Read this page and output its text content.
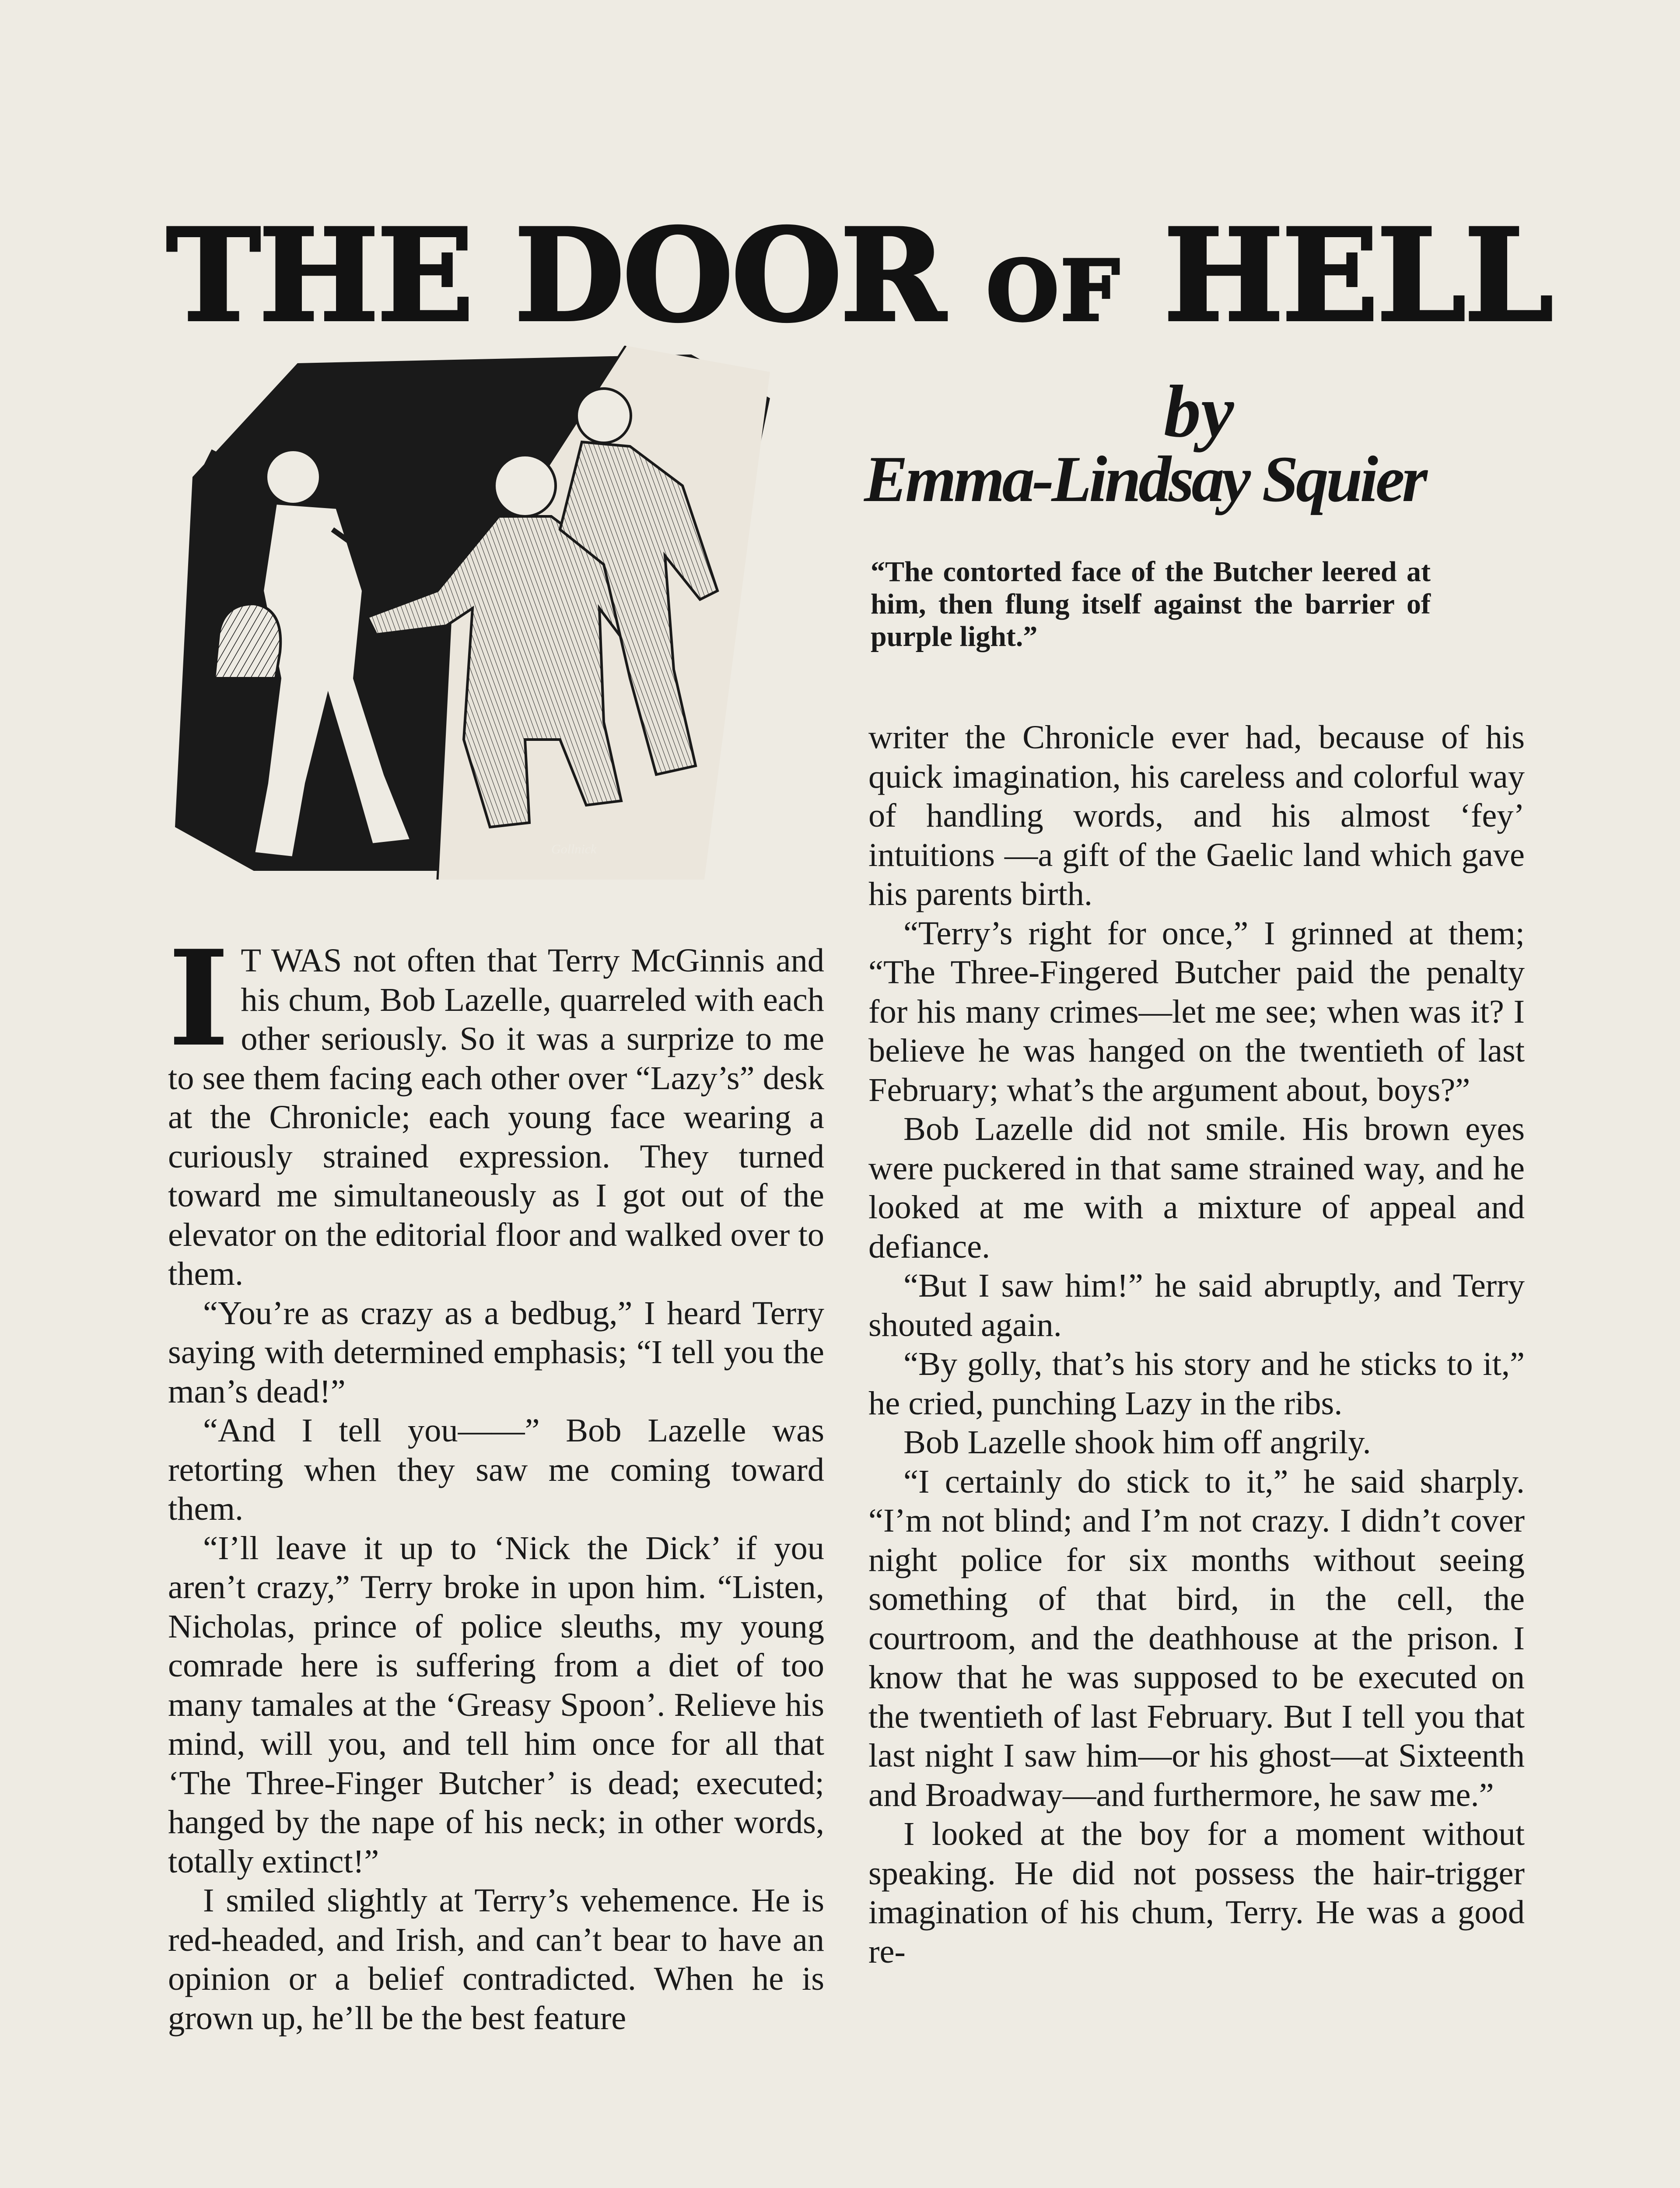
THE DOOR OF HELL
Gollnick
by
Emma-Lindsay Squier
“The contorted face of the Butcher leered at him, then flung itself against the barrier of purple light.”
I T WAS not often that Terry McGinnis and his chum, Bob Lazelle, quarreled with each other seriously. So it was a surprize to me to see them facing each other over “Lazy’s” desk at the Chronicle; each young face wearing a curiously strained expression. They turned toward me simultaneously as I got out of the elevator on the editorial floor and walked over to them.

“You’re as crazy as a bedbug,” I heard Terry saying with determined emphasis; “I tell you the man’s dead!”

“And I tell you——” Bob Lazelle was retorting when they saw me coming toward them.

“I’ll leave it up to ‘Nick the Dick’ if you aren’t crazy,” Terry broke in upon him. “Listen, Nicholas, prince of police sleuths, my young comrade here is suffering from a diet of too many tamales at the ‘Greasy Spoon’. Relieve his mind, will you, and tell him once for all that ‘The Three-Finger Butcher’ is dead; executed; hanged by the nape of his neck; in other words, totally extinct!”

I smiled slightly at Terry’s vehemence. He is red-headed, and Irish, and can’t bear to have an opinion or a belief contradicted. When he is grown up, he’ll be the best feature

writer the Chronicle ever had, because of his quick imagination, his careless and colorful way of handling words, and his almost ‘fey’ intuitions —a gift of the Gaelic land which gave his parents birth.

“Terry’s right for once,” I grinned at them; “The Three-Fingered Butcher paid the penalty for his many crimes—let me see; when was it? I believe he was hanged on the twentieth of last February; what’s the argument about, boys?”

Bob Lazelle did not smile. His brown eyes were puckered in that same strained way, and he looked at me with a mixture of appeal and defiance.

“But I saw him!” he said abruptly, and Terry shouted again.

“By golly, that’s his story and he sticks to it,” he cried, punching Lazy in the ribs.

Bob Lazelle shook him off angrily.

“I certainly do stick to it,” he said sharply. “I’m not blind; and I’m not crazy. I didn’t cover night police for six months without seeing something of that bird, in the cell, the courtroom, and the deathhouse at the prison. I know that he was supposed to be executed on the twentieth of last February. But I tell you that last night I saw him—or his ghost—at Sixteenth and Broadway—and furthermore, he saw me.”

I looked at the boy for a moment without speaking. He did not possess the hair-trigger imagination of his chum, Terry. He was a good re-
